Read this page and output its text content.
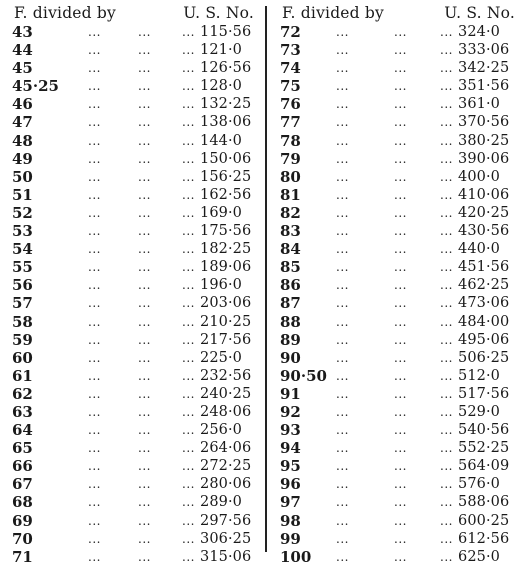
F. divided by	U. S. No.
43	...	...	... 115·56
44	...	...	... 121·0
45	...	...	... 126·56
45·25 ...	...	... 128·0
46	...	...	... 132·25
47	...	...	... 138·06
48	...	...	... 144·0
49	...	...	... 150·06
50	...	...	... 156·25
51	...	...	... 162·56
52	...	...	... 169·0
53	...	...	... 175·56
54	...	...	... 182·25
55	...	...	... 189·06
56	...	...	... 196·0
57	...	...	... 203·06
58	...	...	... 210·25
59	...	...	... 217·56
60	...	...	... 225·0
61	...	...	... 232·56
62	...	...	... 240·25
63	...	...	... 248·06
64	...	...	... 256·0
65	...	...	... 264·06
66	...	...	... 272·25
67	...	...	... 280·06
68	...	...	... 289·0
69	...	...	... 297·56
70	...	...	... 306·25
71	...	...	... 315·06
F. divided by	U. S. No.
72	...	...	... 324·0
73	...	...	... 333·06
74	...	...	... 342·25
75	...	...	... 351·56
76	...	...	... 361·0
77	...	...	... 370·56
78	...	...	... 380·25
79	...	...	... 390·06
80	...	...	... 400·0
81	...	...	... 410·06
82	...	...	... 420·25
83	...	...	... 430·56
84	...	...	... 440·0
85	...	...	... 451·56
86	...	...	... 462·25
87	...	...	... 473·06
88	...	...	... 484·00
89	...	...	... 495·06
90	...	...	... 506·25
90·50 ...	...	... 512·0
91	...	...	... 517·56
92	...	...	... 529·0
93	...	...	... 540·56
94	...	...	... 552·25
95	...	...	... 564·09
96	...	...	... 576·0
97	...	...	... 588·06
98	...	...	... 600·25
99	...	...	... 612·56
100 ...	...	... 625·0
